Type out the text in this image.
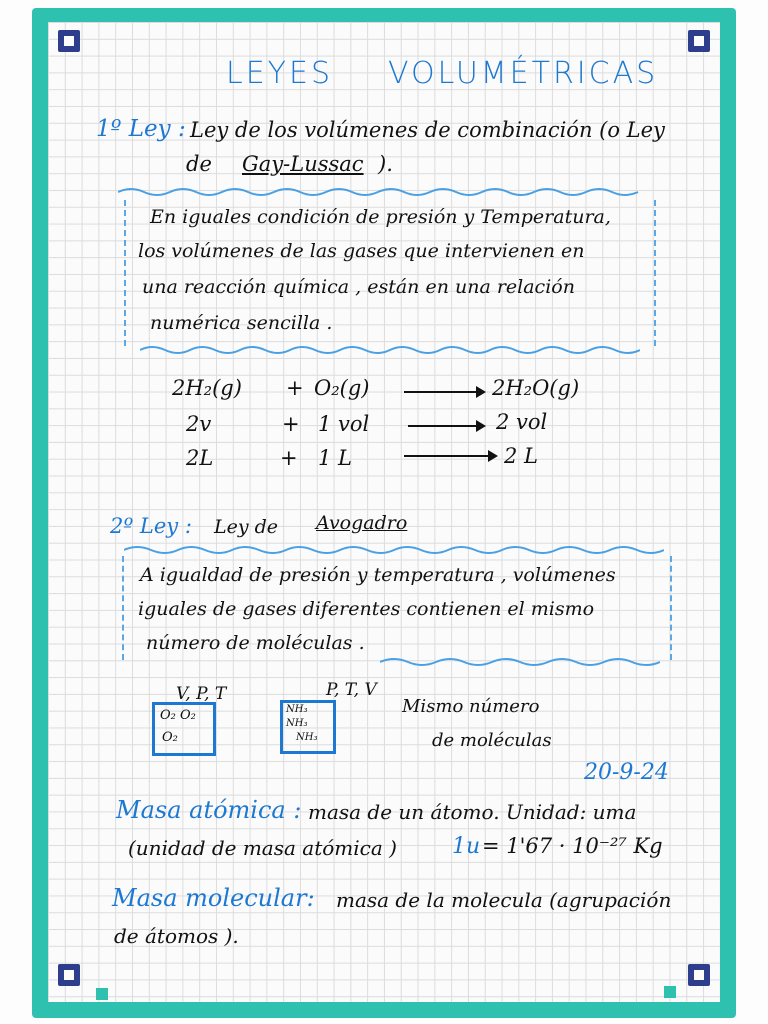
LEYES VOLUMÉTRICAS
1º Ley : Ley de los volúmenes de combinación (o Ley
de Gay-Lussac ).
En iguales condición de presión y Temperatura,
los volúmenes de las gases que intervienen en
una reacción química , están en una relación
numérica sencilla .
2H₂(g) + O₂(g)	2H₂O(g)
2v	+ 1 vol	2 vol
2L	+ 1 L	2 L
2º Ley : Ley de Avogadro
A igualdad de presión y temperatura , volúmenes
iguales de gases diferentes contienen el mismo
número de moléculas .
V, P, T	P, T, V
O₂ O₂
O₂
NH₃
NH₃
NH₃
Mismo número
de moléculas
20-9-24
Masa atómica : masa de un átomo. Unidad: uma
(unidad de masa atómica )	1u = 1'67 · 10⁻²⁷ Kg
Masa molecular: masa de la molecula (agrupación
de átomos ).
